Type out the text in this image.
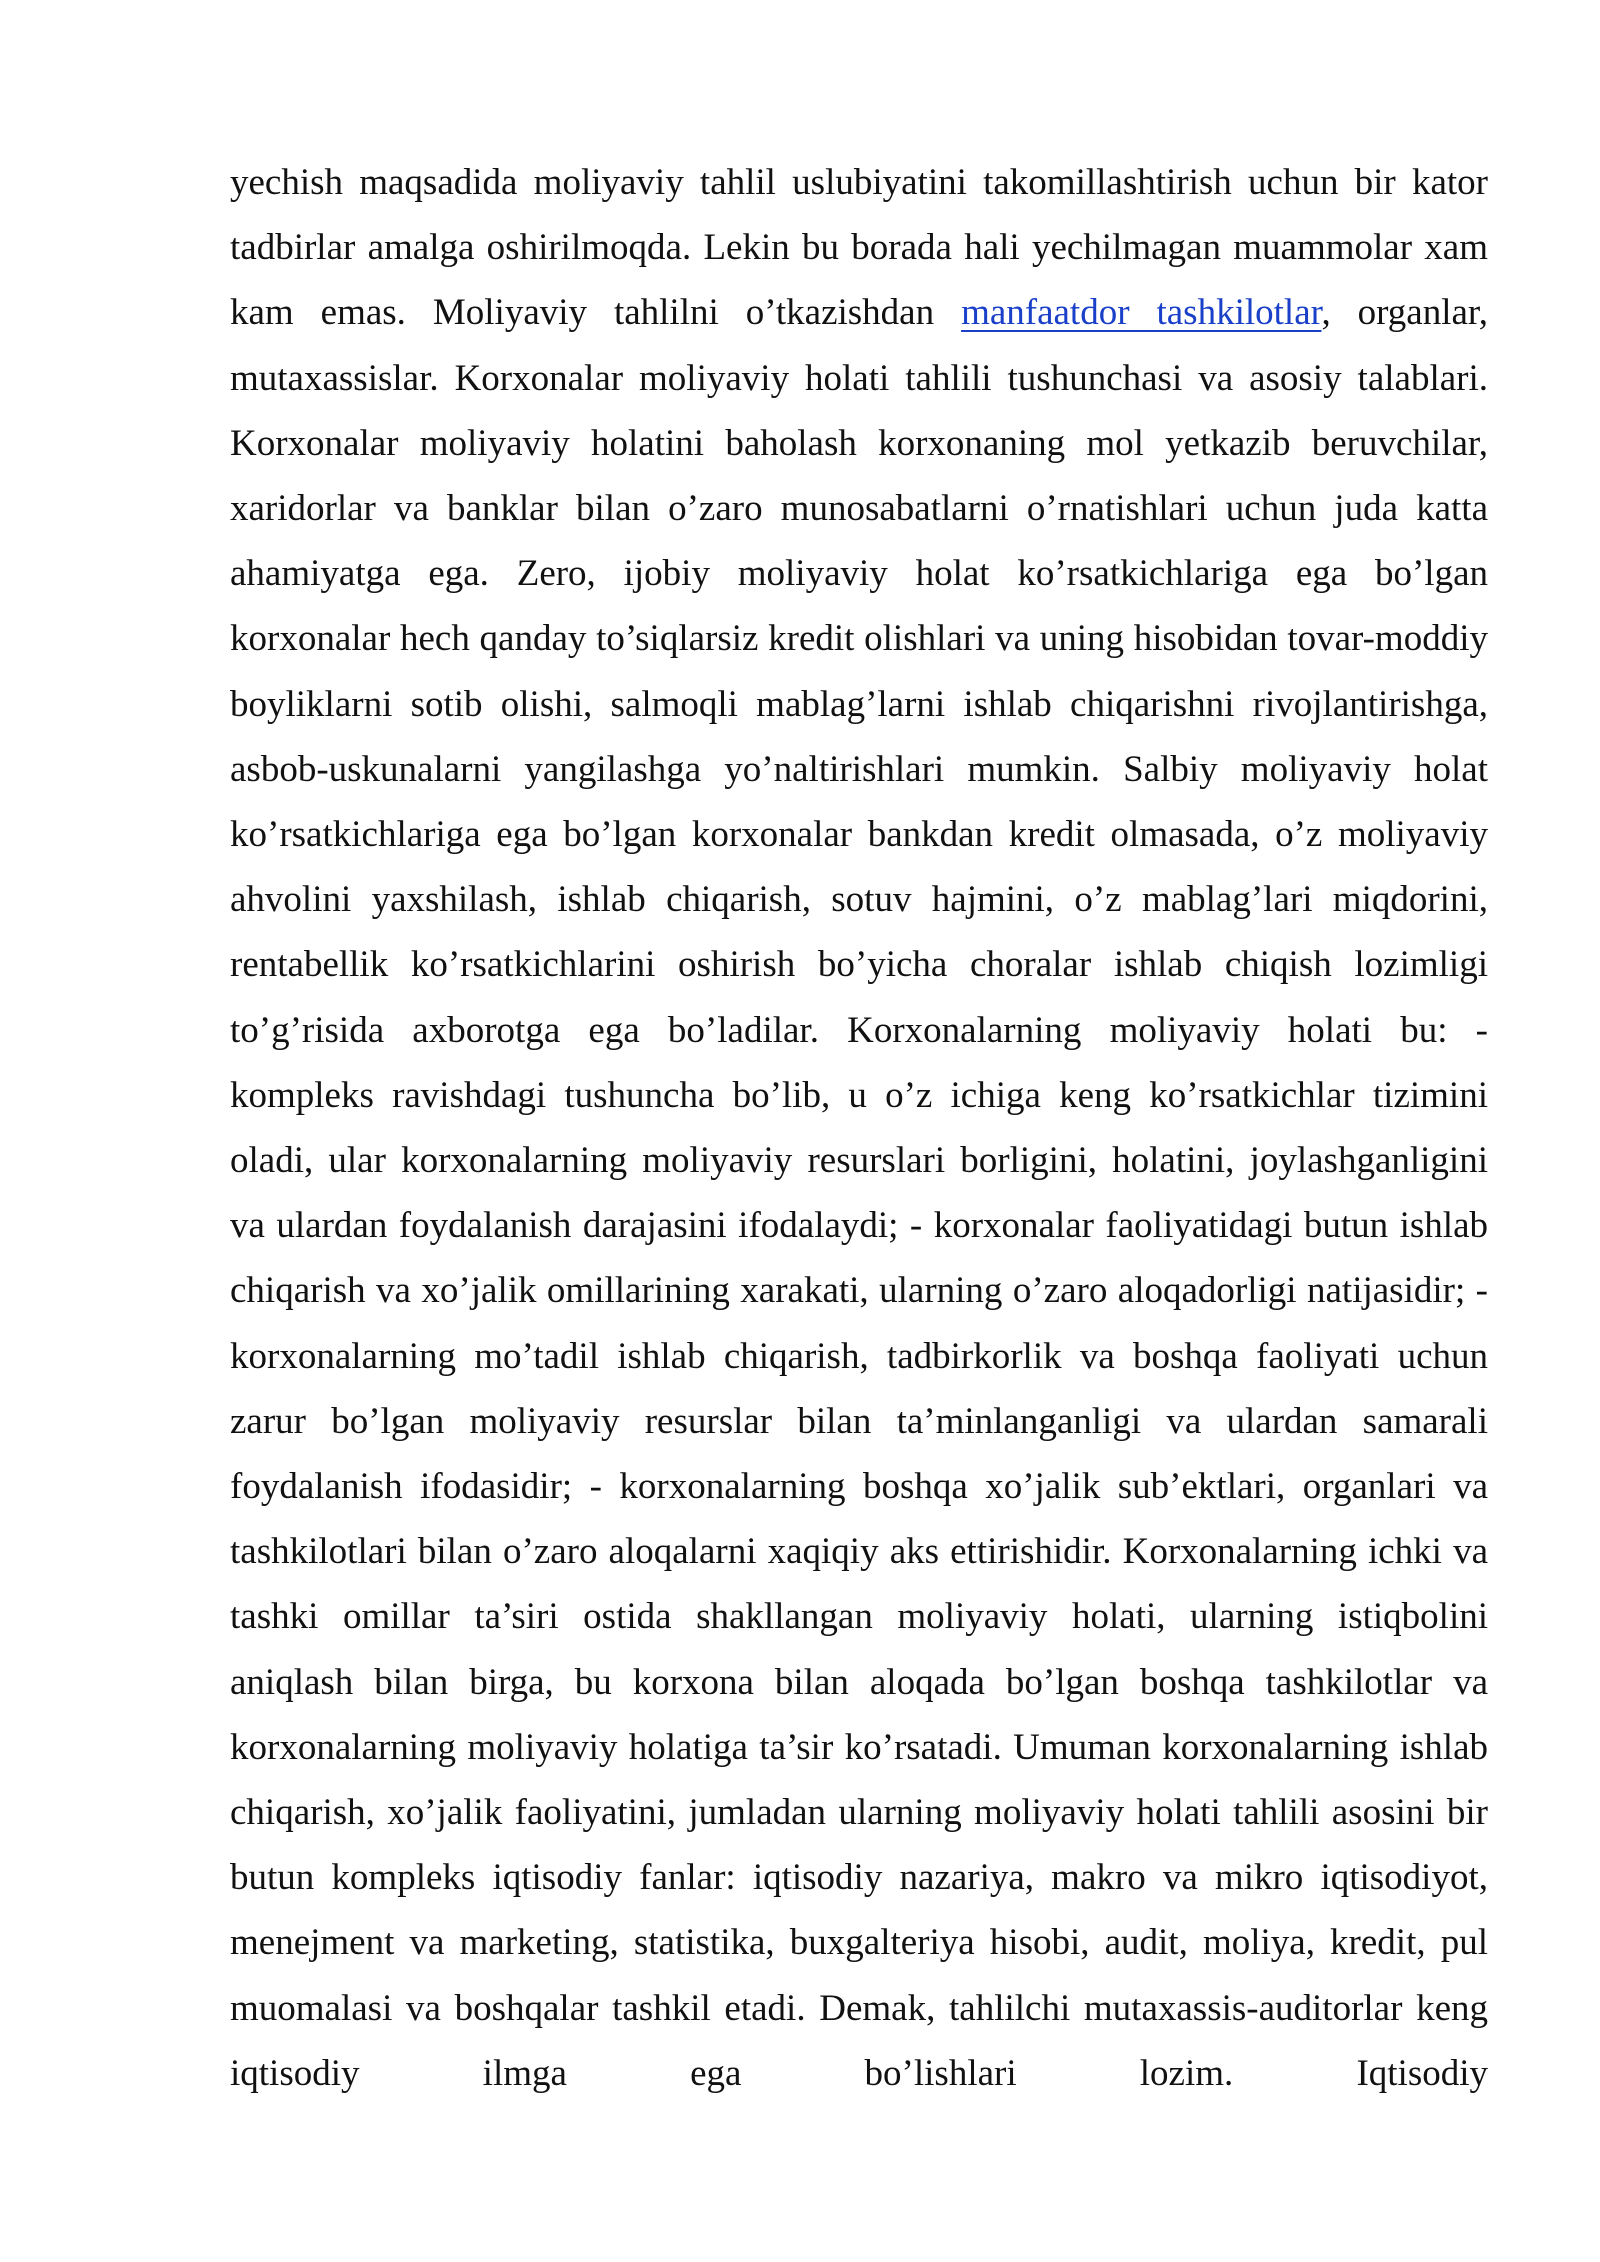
yechish maqsadida moliyaviy tahlil uslubiyatini takomillashtirish uchun bir kator tadbirlar amalga oshirilmoqda. Lekin bu borada hali yechilmagan muammolar xam kam emas. Moliyaviy tahlilni o’tkazishdan manfaatdor tashkilotlar, organlar, mutaxassislar. Korxonalar moliyaviy holati tahlili tushunchasi va asosiy talablari. Korxonalar moliyaviy holatini baholash korxonaning mol yetkazib beruvchilar, xaridorlar va banklar bilan o’zaro munosabatlarni o’rnatishlari uchun juda katta ahamiyatga ega. Zero, ijobiy moliyaviy holat ko’rsatkichlariga ega bo’lgan korxonalar hech qanday to’siqlarsiz kredit olishlari va uning hisobidan tovar-moddiy boyliklarni sotib olishi, salmoqli mablag’larni ishlab chiqarishni rivojlantirishga, asbob-uskunalarni yangilashga yo’naltirishlari mumkin. Salbiy moliyaviy holat ko’rsatkichlariga ega bo’lgan korxonalar bankdan kredit olmasada, o’z moliyaviy ahvolini yaxshilash, ishlab chiqarish, sotuv hajmini, o’z mablag’lari miqdorini, rentabellik ko’rsatkichlarini oshirish bo’yicha choralar ishlab chiqish lozimligi to’g’risida axborotga ega bo’ladilar. Korxonalarning moliyaviy holati bu: - kompleks ravishdagi tushuncha bo’lib, u o’z ichiga keng ko’rsatkichlar tizimini oladi, ular korxonalarning moliyaviy resurslari borligini, holatini, joylashganligini va ulardan foydalanish darajasini ifodalaydi; - korxonalar faoliyatidagi butun ishlab chiqarish va xo’jalik omillarining xarakati, ularning o’zaro aloqadorligi natijasidir; - korxonalarning mo’tadil ishlab chiqarish, tadbirkorlik va boshqa faoliyati uchun zarur bo’lgan moliyaviy resurslar bilan ta’minlanganligi va ulardan samarali foydalanish ifodasidir; - korxonalarning boshqa xo’jalik sub’ektlari, organlari va tashkilotlari bilan o’zaro aloqalarni xaqiqiy aks ettirishidir. Korxonalarning ichki va tashki omillar ta’siri ostida shakllangan moliyaviy holati, ularning istiqbolini aniqlash bilan birga, bu korxona bilan aloqada bo’lgan boshqa tashkilotlar va korxonalarning moliyaviy holatiga ta’sir ko’rsatadi. Umuman korxonalarning ishlab chiqarish, xo’jalik faoliyatini, jumladan ularning moliyaviy holati tahlili asosini bir butun kompleks iqtisodiy fanlar: iqtisodiy nazariya, makro va mikro iqtisodiyot, menejment va marketing, statistika, buxgalteriya hisobi, audit, moliya, kredit, pul muomalasi va boshqalar tashkil etadi. Demak, tahlilchi mutaxassis-auditorlar keng iqtisodiy ilmga ega bo’lishlari lozim. Iqtisodiy
